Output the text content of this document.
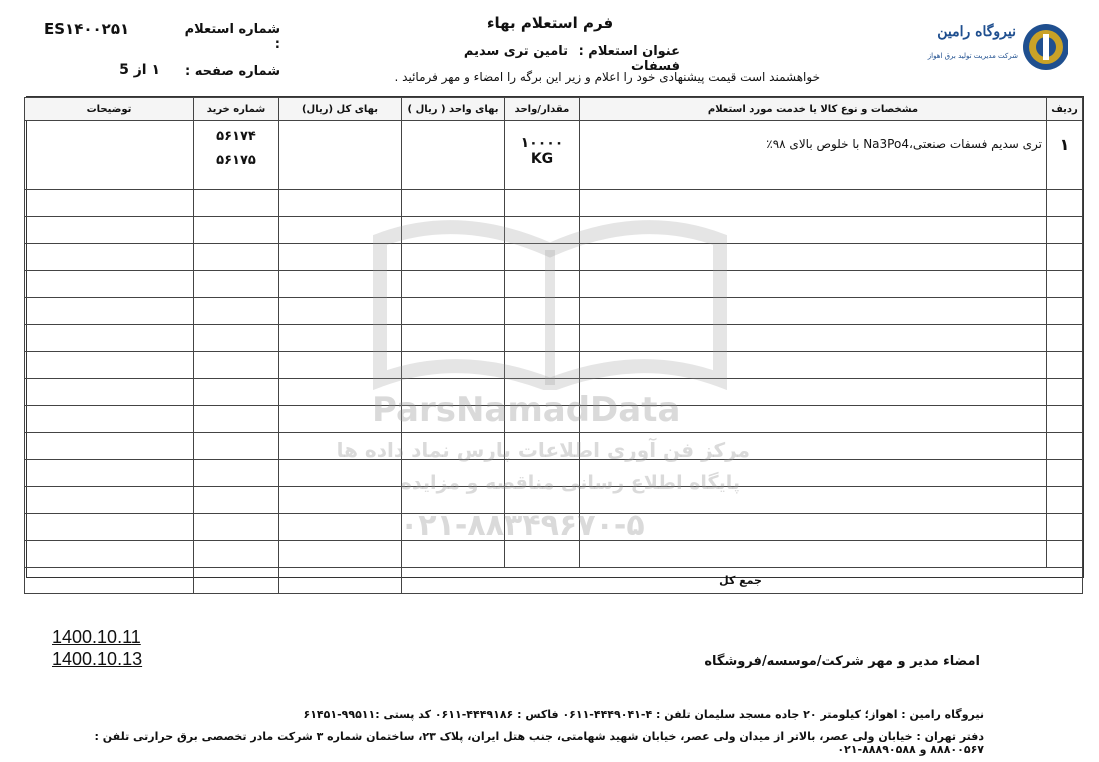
نیروگاه رامین
شرکت مدیریت تولید برق اهواز
فرم استعلام بهاء
عنوان استعلام : تامین تری سدیم فسفات
خواهشمند است قیمت پیشنهادی خود را اعلام و زیر این برگه را امضاء و مهر فرمائید .
شماره استعلام :
ES۱۴۰۰۲۵۱
شماره صفحه :
۱ از 5
ردیف	مشخصات و نوع کالا یا خدمت مورد استعلام	مقدار/واحد	بهای واحد ( ریال )	بهای کل (ریال)	شماره خرید	توضیحات
۱	تری سدیم فسفات صنعتی،Na3Po4 با خلوص بالای ۹۸٪	۱۰۰۰۰ KG			۵۶۱۷۴
۵۶۱۷۵	

جمع کل						
ParsNamadData
مرکز فن آوری اطلاعات پارس نماد داده ها
پایگاه اطلاع رسانی مناقصه و مزایده
۰۲۱-۸۸۳۴۹۶۷۰-۵
1400.10.11
1400.10.13	امضاء مدیر و مهر شرکت/موسسه/فروشگاه
نیروگاه رامین : اهواز؛ کیلومتر ۲۰ جاده مسجد سلیمان تلفن : ۴-۴۴۴۹۰۴۱-۰۶۱۱ فاکس : ۴۴۴۹۱۸۶-۰۶۱۱ کد پستی :۹۹۵۱۱-۶۱۴۵۱
دفتر تهران : خیابان ولی عصر، بالاتر از میدان ولی عصر، خیابان شهید شهامتی، جنب هتل ایران، پلاک ۲۳، ساختمان شماره ۳ شرکت مادر تخصصی برق حرارتی تلفن : ۸۸۸۰۰۵۶۷ و ۸۸۸۹۰۵۸۸-۰۲۱
